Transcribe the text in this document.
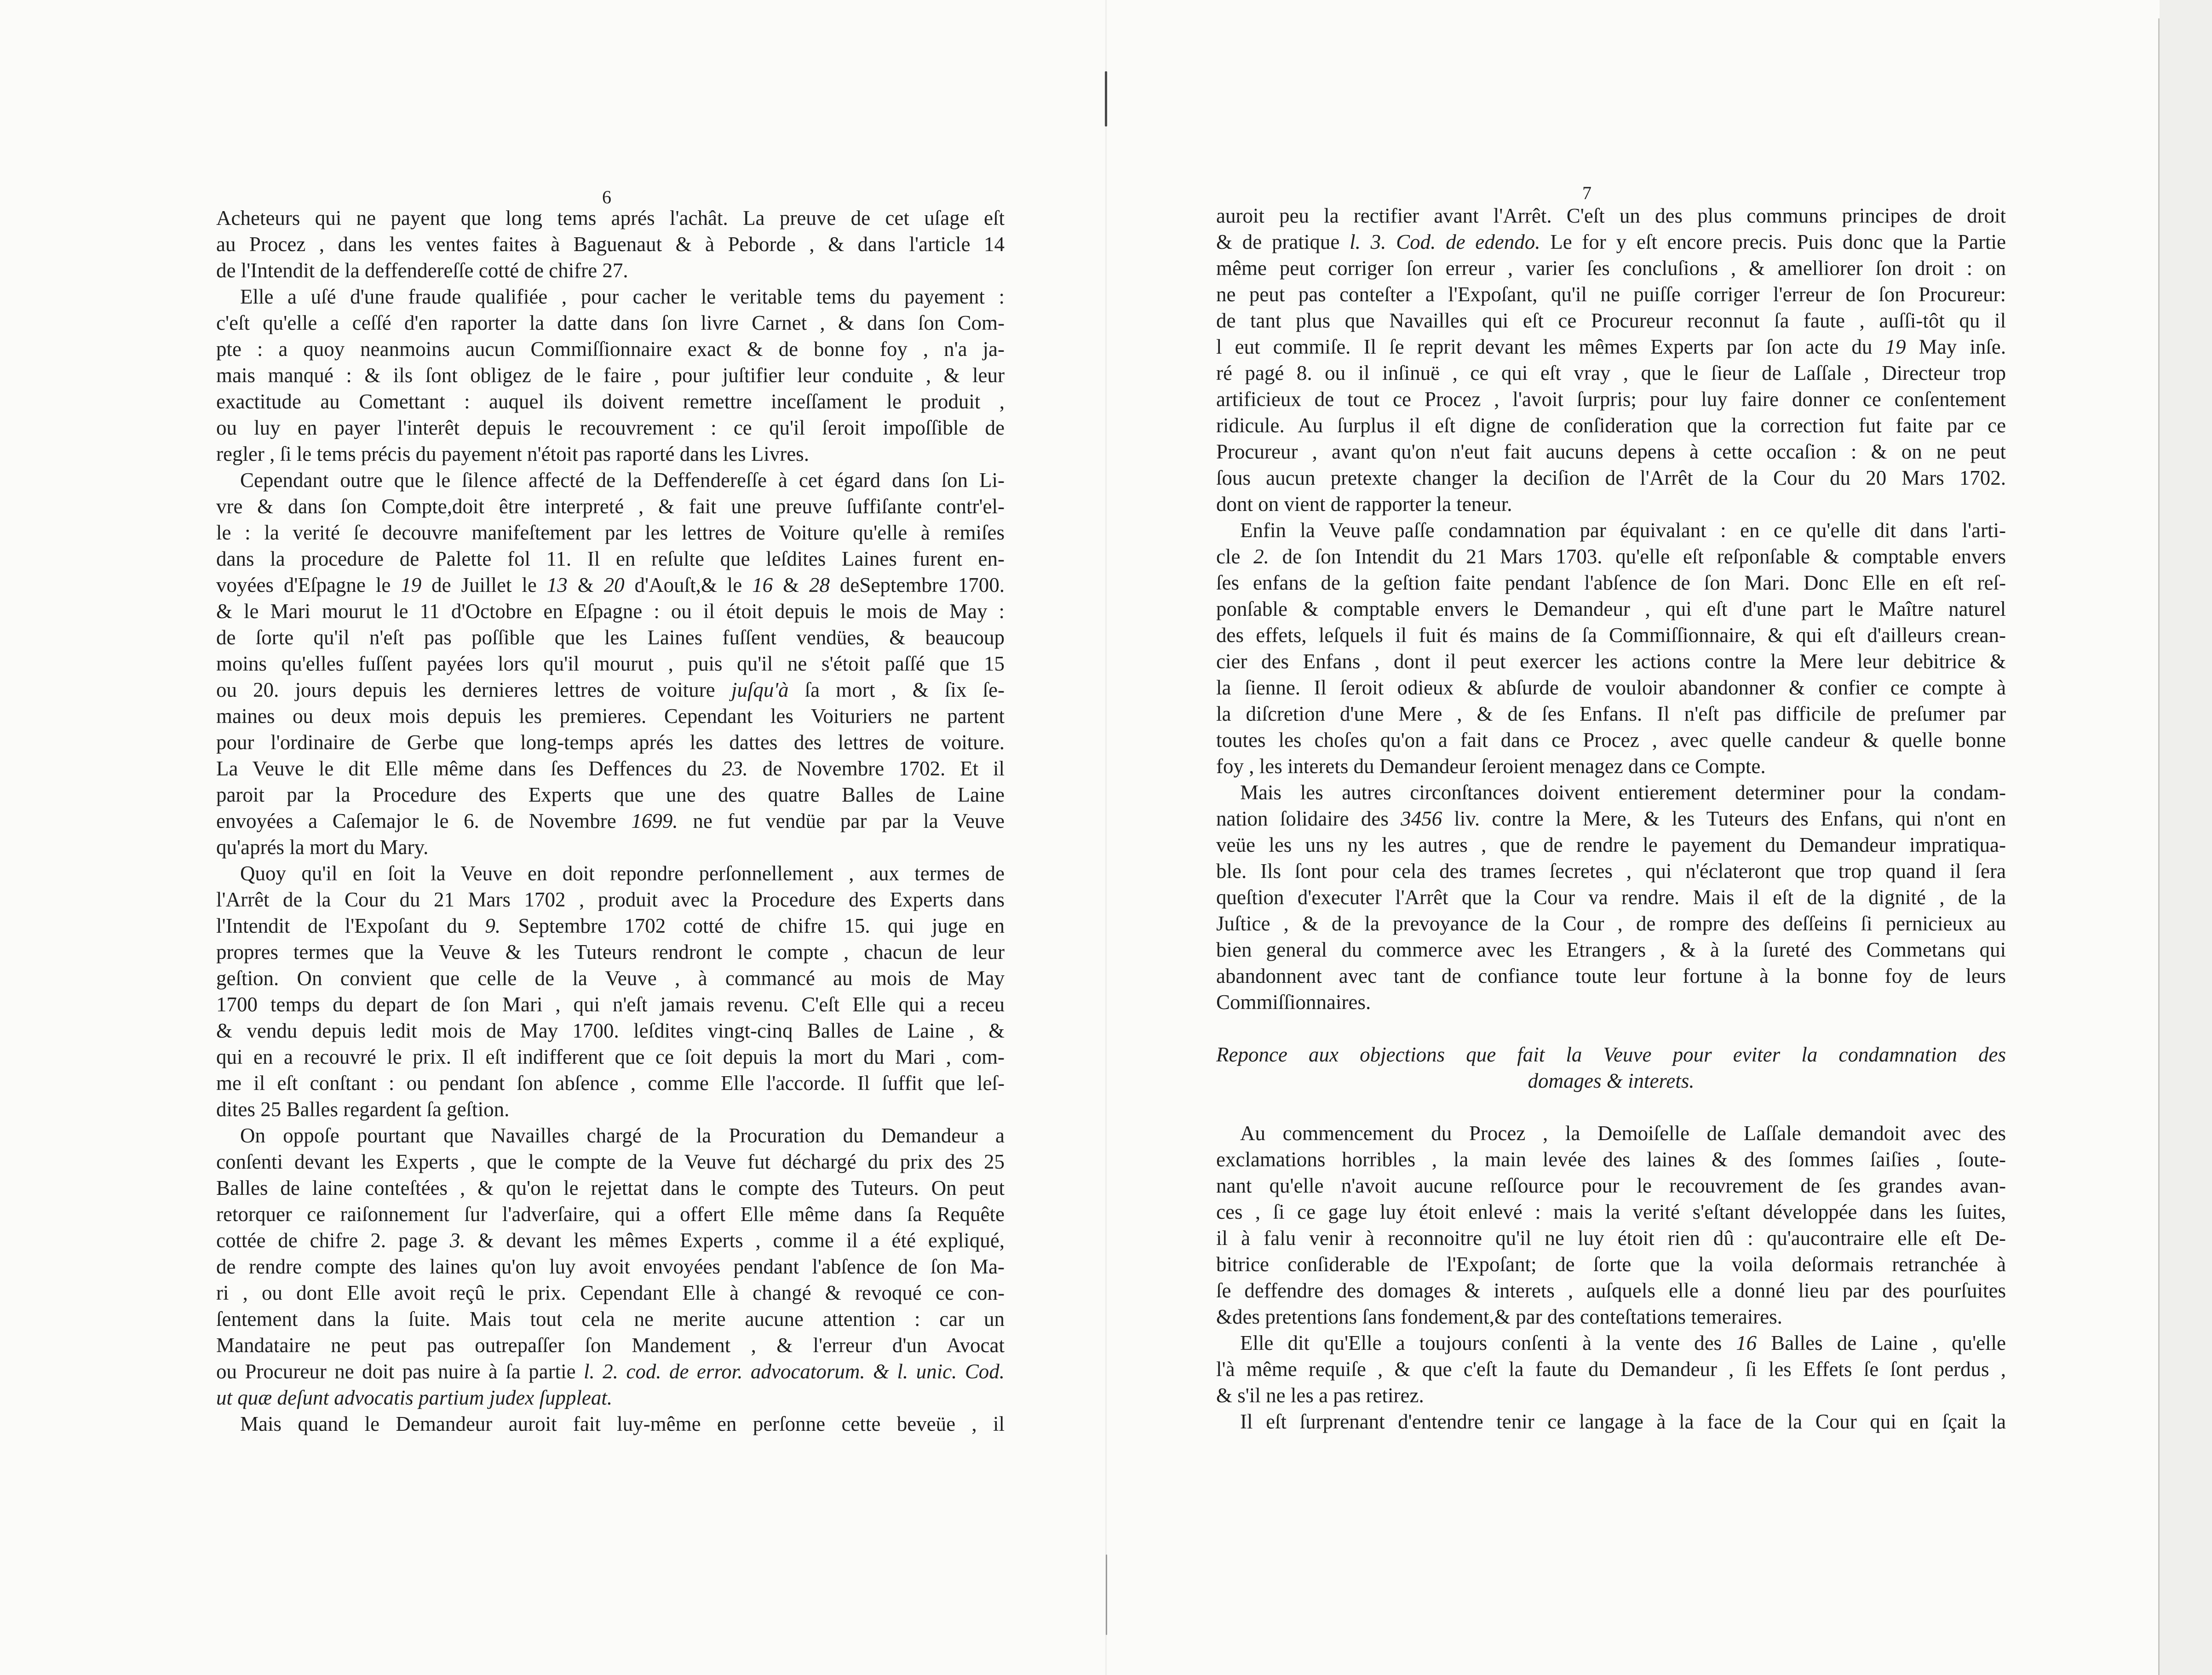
6	7
Acheteurs qui ne payent que long tems aprés l'achât. La preuve de cet uſage eſt
au Procez , dans les ventes faites à Baguenaut & à Peborde , & dans l'article 14
de l'Intendit de la deffendereſſe cotté de chifre 27.
Elle a uſé d'une fraude qualifiée , pour cacher le veritable tems du payement :
c'eſt qu'elle a ceſſé d'en raporter la datte dans ſon livre Carnet , & dans ſon Com-
pte : a quoy neanmoins aucun Commiſſionnaire exact & de bonne foy , n'a ja-
mais manqué : & ils ſont obligez de le faire , pour juſtifier leur conduite , & leur
exactitude au Comettant : auquel ils doivent remettre inceſſament le produit ,
ou luy en payer l'interêt depuis le recouvrement : ce qu'il ſeroit impoſſible de
regler , ſi le tems précis du payement n'étoit pas raporté dans les Livres.
Cependant outre que le ſilence affecté de la Deffendereſſe à cet égard dans ſon Li-
vre & dans ſon Compte,doit être interpreté , & fait une preuve ſuffiſante contr'el-
le : la verité ſe decouvre manifeſtement par les lettres de Voiture qu'elle à remiſes
dans la procedure de Palette fol 11. Il en reſulte que leſdites Laines furent en-
voyées d'Eſpagne le 19 de Juillet le 13 & 20 d'Aouſt,& le 16 & 28 deSeptembre 1700.
& le Mari mourut le 11 d'Octobre en Eſpagne : ou il étoit depuis le mois de May :
de ſorte qu'il n'eſt pas poſſible que les Laines fuſſent vendües, & beaucoup
moins qu'elles fuſſent payées lors qu'il mourut , puis qu'il ne s'étoit paſſé que 15
ou 20. jours depuis les dernieres lettres de voiture juſqu'à ſa mort , & ſix ſe-
maines ou deux mois depuis les premieres. Cependant les Voituriers ne partent
pour l'ordinaire de Gerbe que long-temps aprés les dattes des lettres de voiture.
La Veuve le dit Elle même dans ſes Deffences du 23. de Novembre 1702. Et il
paroit par la Procedure des Experts que une des quatre Balles de Laine
envoyées a Caſemajor le 6. de Novembre 1699. ne fut vendüe par par la Veuve
qu'aprés la mort du Mary.
Quoy qu'il en ſoit la Veuve en doit repondre perſonnellement , aux termes de
l'Arrêt de la Cour du 21 Mars 1702 , produit avec la Procedure des Experts dans
l'Intendit de l'Expoſant du 9. Septembre 1702 cotté de chifre 15. qui juge en
propres termes que la Veuve & les Tuteurs rendront le compte , chacun de leur
geſtion. On convient que celle de la Veuve , à commancé au mois de May
1700 temps du depart de ſon Mari , qui n'eſt jamais revenu. C'eſt Elle qui a receu
& vendu depuis ledit mois de May 1700. leſdites vingt-cinq Balles de Laine , &
qui en a recouvré le prix. Il eſt indifferent que ce ſoit depuis la mort du Mari , com-
me il eſt conſtant : ou pendant ſon abſence , comme Elle l'accorde. Il ſuffit que leſ-
dites 25 Balles regardent ſa geſtion.
On oppoſe pourtant que Navailles chargé de la Procuration du Demandeur a
conſenti devant les Experts , que le compte de la Veuve fut déchargé du prix des 25
Balles de laine conteſtées , & qu'on le rejettat dans le compte des Tuteurs. On peut
retorquer ce raiſonnement ſur l'adverſaire, qui a offert Elle même dans ſa Requête
cottée de chifre 2. page 3. & devant les mêmes Experts , comme il a été expliqué,
de rendre compte des laines qu'on luy avoit envoyées pendant l'abſence de ſon Ma-
ri , ou dont Elle avoit reçû le prix. Cependant Elle à changé & revoqué ce con-
ſentement dans la ſuite. Mais tout cela ne merite aucune attention : car un
Mandataire ne peut pas outrepaſſer ſon Mandement , & l'erreur d'un Avocat
ou Procureur ne doit pas nuire à ſa partie l. 2. cod. de error. advocatorum. & l. unic. Cod.
ut quæ deſunt advocatis partium judex ſuppleat.
Mais quand le Demandeur auroit fait luy-même en perſonne cette beveüe , il
auroit peu la rectifier avant l'Arrêt. C'eſt un des plus communs principes de droit
& de pratique l. 3. Cod. de edendo. Le for y eſt encore precis. Puis donc que la Partie
même peut corriger ſon erreur , varier ſes concluſions , & amelliorer ſon droit : on
ne peut pas conteſter a l'Expoſant, qu'il ne puiſſe corriger l'erreur de ſon Procureur:
de tant plus que Navailles qui eſt ce Procureur reconnut ſa faute , auſſi-tôt qu il
l eut commiſe. Il ſe reprit devant les mêmes Experts par ſon acte du 19 May inſe.
ré pagé 8. ou il inſinuë , ce qui eſt vray , que le ſieur de Laſſale , Directeur trop
artificieux de tout ce Procez , l'avoit ſurpris; pour luy faire donner ce conſentement
ridicule. Au ſurplus il eſt digne de conſideration que la correction fut faite par ce
Procureur , avant qu'on n'eut fait aucuns depens à cette occaſion : & on ne peut
ſous aucun pretexte changer la deciſion de l'Arrêt de la Cour du 20 Mars 1702.
dont on vient de rapporter la teneur.
Enfin la Veuve paſſe condamnation par équivalant : en ce qu'elle dit dans l'arti-
cle 2. de ſon Intendit du 21 Mars 1703. qu'elle eſt reſponſable & comptable envers
ſes enfans de la geſtion faite pendant l'abſence de ſon Mari. Donc Elle en eſt reſ-
ponſable & comptable envers le Demandeur , qui eſt d'une part le Maître naturel
des effets, leſquels il fuit és mains de ſa Commiſſionnaire, & qui eſt d'ailleurs crean-
cier des Enfans , dont il peut exercer les actions contre la Mere leur debitrice &
la ſienne. Il ſeroit odieux & abſurde de vouloir abandonner & confier ce compte à
la diſcretion d'une Mere , & de ſes Enfans. Il n'eſt pas difficile de preſumer par
toutes les choſes qu'on a fait dans ce Procez , avec quelle candeur & quelle bonne
foy , les interets du Demandeur ſeroient menagez dans ce Compte.
Mais les autres circonſtances doivent entierement determiner pour la condam-
nation ſolidaire des 3456 liv. contre la Mere, & les Tuteurs des Enfans, qui n'ont en
veüe les uns ny les autres , que de rendre le payement du Demandeur impratiqua-
ble. Ils ſont pour cela des trames ſecretes , qui n'éclateront que trop quand il ſera
queſtion d'executer l'Arrêt que la Cour va rendre. Mais il eſt de la dignité , de la
Juſtice , & de la prevoyance de la Cour , de rompre des deſſeins ſi pernicieux au
bien general du commerce avec les Etrangers , & à la ſureté des Commetans qui
abandonnent avec tant de confiance toute leur fortune à la bonne foy de leurs
Commiſſionnaires.
Reponce aux objections que fait la Veuve pour eviter la condamnation des
domages & interets.
Au commencement du Procez , la Demoiſelle de Laſſale demandoit avec des
exclamations horribles , la main levée des laines & des ſommes ſaiſies , ſoute-
nant qu'elle n'avoit aucune reſſource pour le recouvrement de ſes grandes avan-
ces , ſi ce gage luy étoit enlevé : mais la verité s'eſtant développée dans les ſuites,
il à falu venir à reconnoitre qu'il ne luy étoit rien dû : qu'aucontraire elle eſt De-
bitrice conſiderable de l'Expoſant; de ſorte que la voila deſormais retranchée à
ſe deffendre des domages & interets , auſquels elle a donné lieu par des pourſuites
&des pretentions ſans fondement,& par des conteſtations temeraires.
Elle dit qu'Elle a toujours conſenti à la vente des 16 Balles de Laine , qu'elle
l'à même requiſe , & que c'eſt la faute du Demandeur , ſi les Effets ſe ſont perdus ,
& s'il ne les a pas retirez.
Il eſt ſurprenant d'entendre tenir ce langage à la face de la Cour qui en ſçait la
